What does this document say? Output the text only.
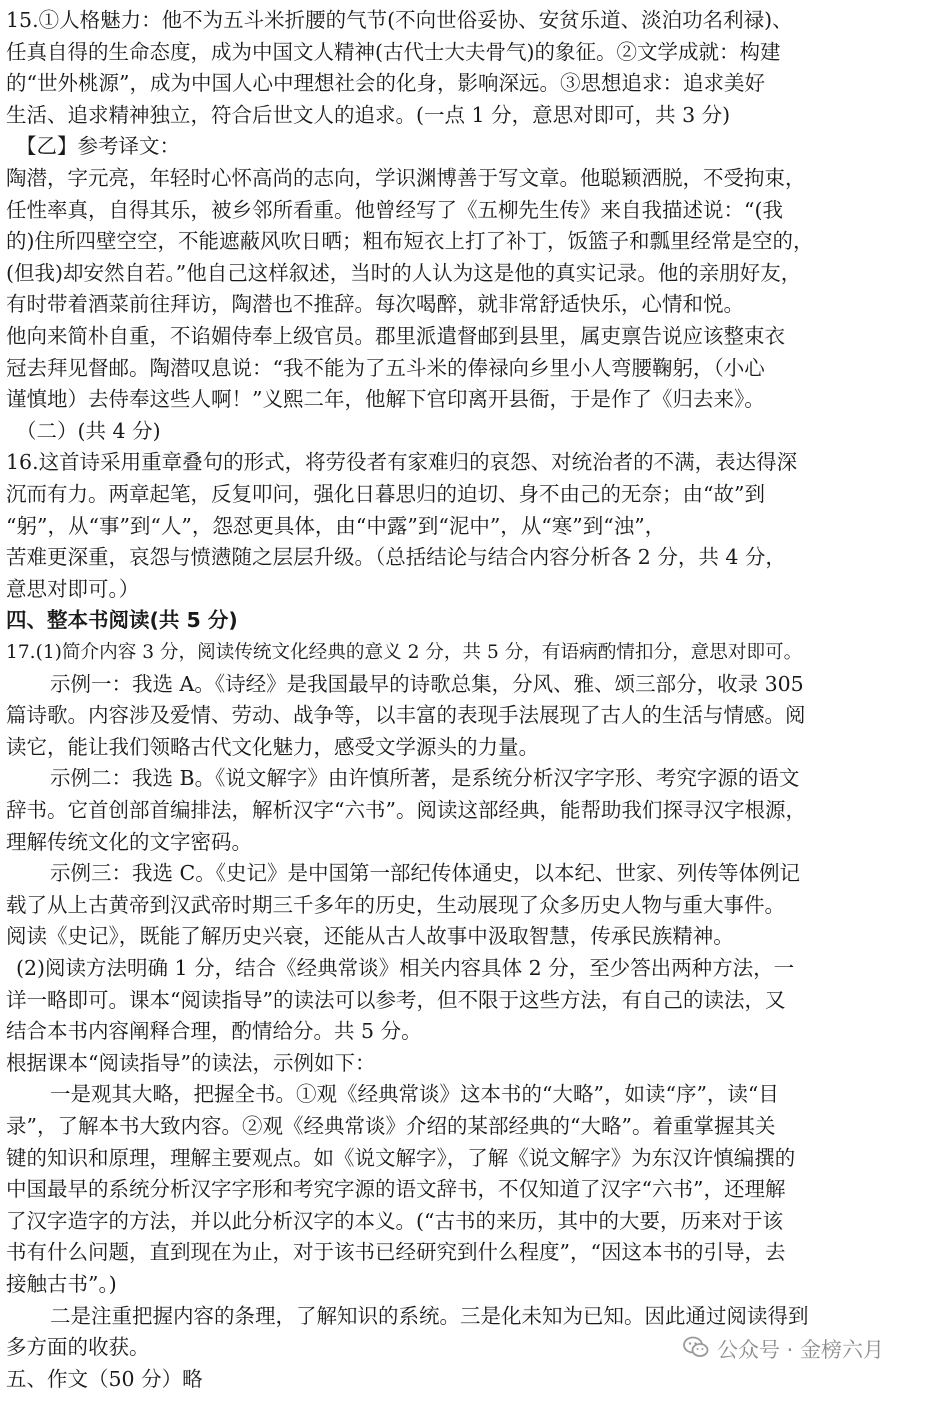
15.①人格魅力：他不为五斗米折腰的气节(不向世俗妥协、安贫乐道、淡泊功名利禄)、
任真自得的生命态度，成为中国文人精神(古代士大夫骨气)的象征。②文学成就：构建
的“世外桃源”，成为中国人心中理想社会的化身，影响深远。③思想追求：追求美好
生活、追求精神独立，符合后世文人的追求。(一点 1 分，意思对即可，共 3 分)
【乙】参考译文：
陶潜，字元亮，年轻时心怀高尚的志向，学识渊博善于写文章。他聪颖洒脱，不受拘束，
任性率真，自得其乐，被乡邻所看重。他曾经写了《五柳先生传》来自我描述说：“(我
的)住所四壁空空，不能遮蔽风吹日晒；粗布短衣上打了补丁，饭篮子和瓢里经常是空的，
(但我)却安然自若。”他自己这样叙述，当时的人认为这是他的真实记录。他的亲朋好友，
有时带着酒菜前往拜访，陶潜也不推辞。每次喝醉，就非常舒适快乐，心情和悦。
他向来简朴自重，不谄媚侍奉上级官员。郡里派遣督邮到县里，属吏禀告说应该整束衣
冠去拜见督邮。陶潜叹息说：“我不能为了五斗米的俸禄向乡里小人弯腰鞠躬，（小心
谨慎地）去侍奉这些人啊！”义熙二年，他解下官印离开县衙，于是作了《归去来》。
（二）(共 4 分)
16.这首诗采用重章叠句的形式，将劳役者有家难归的哀怨、对统治者的不满，表达得深
沉而有力。两章起笔，反复叩问，强化日暮思归的迫切、身不由己的无奈；由“故”到
“躬”，从“事”到“人”，怨怼更具体，由“中露”到“泥中”，从“寒”到“浊”，
苦难更深重，哀怨与愤懑随之层层升级。（总括结论与结合内容分析各 2 分，共 4 分，
意思对即可。）
四、整本书阅读(共 5 分)
17.(1)简介内容 3 分，阅读传统文化经典的意义 2 分，共 5 分，有语病酌情扣分，意思对即可。
示例一：我选 A。《诗经》是我国最早的诗歌总集，分风、雅、颂三部分，收录 305
篇诗歌。内容涉及爱情、劳动、战争等，以丰富的表现手法展现了古人的生活与情感。阅
读它，能让我们领略古代文化魅力，感受文学源头的力量。
示例二：我选 B。《说文解字》由许慎所著，是系统分析汉字字形、考究字源的语文
辞书。它首创部首编排法，解析汉字“六书”。阅读这部经典，能帮助我们探寻汉字根源，
理解传统文化的文字密码。
示例三：我选 C。《史记》是中国第一部纪传体通史，以本纪、世家、列传等体例记
载了从上古黄帝到汉武帝时期三千多年的历史，生动展现了众多历史人物与重大事件。
阅读《史记》，既能了解历史兴衰，还能从古人故事中汲取智慧，传承民族精神。
(2)阅读方法明确 1 分，结合《经典常谈》相关内容具体 2 分，至少答出两种方法，一
详一略即可。课本“阅读指导”的读法可以参考，但不限于这些方法，有自己的读法，又
结合本书内容阐释合理，酌情给分。共 5 分。
根据课本“阅读指导”的读法，示例如下：
一是观其大略，把握全书。①观《经典常谈》这本书的“大略”，如读“序”，读“目
录”，了解本书大致内容。②观《经典常谈》介绍的某部经典的“大略”。着重掌握其关
键的知识和原理，理解主要观点。如《说文解字》，了解《说文解字》为东汉许慎编撰的
中国最早的系统分析汉字字形和考究字源的语文辞书，不仅知道了汉字“六书”，还理解
了汉字造字的方法，并以此分析汉字的本义。(“古书的来历，其中的大要，历来对于该
书有什么问题，直到现在为止，对于该书已经研究到什么程度”，“因这本书的引导，去
接触古书”。)
二是注重把握内容的条理，了解知识的系统。三是化未知为已知。因此通过阅读得到
多方面的收获。
五、作文（50 分）略
公众号 · 金榜六月
